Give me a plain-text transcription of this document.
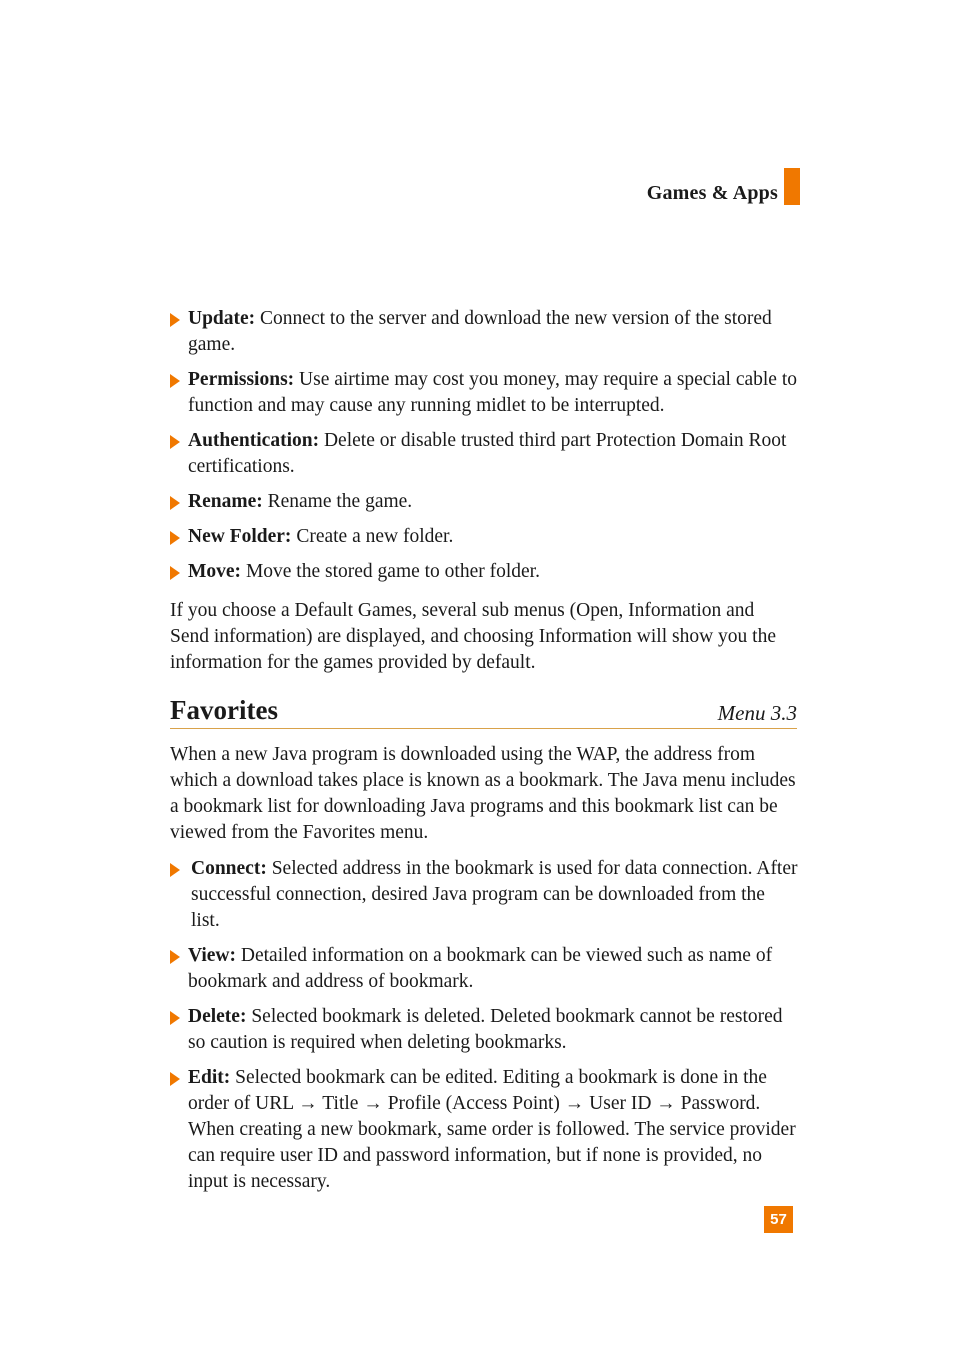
Games & Apps
Update: Connect to the server and download the new version of the stored game.
Permissions: Use airtime may cost you money, may require a special cable to function and may cause any running midlet to be interrupted.
Authentication: Delete or disable trusted third part Protection Domain Root certifications.
Rename: Rename the game.
New Folder: Create a new folder.
Move: Move the stored game to other folder.
If you choose a Default Games, several sub menus (Open, Information and Send information) are displayed, and choosing Information will show you the information for the games provided by default.
Favorites	Menu 3.3
When a new Java program is downloaded using the WAP, the address from which a download takes place is known as a bookmark. The Java menu includes a bookmark list for downloading Java programs and this bookmark list can be viewed from the Favorites menu.
Connect: Selected address in the bookmark is used for data connection. After successful connection, desired Java program can be downloaded from the list.
View: Detailed information on a bookmark can be viewed such as name of bookmark and address of bookmark.
Delete: Selected bookmark is deleted. Deleted bookmark cannot be restored so caution is required when deleting bookmarks.
Edit: Selected bookmark can be edited. Editing a bookmark is done in the order of URL → Title → Profile (Access Point) → User ID → Password. When creating a new bookmark, same order is followed. The service provider can require user ID and password information, but if none is provided, no input is necessary.
57
